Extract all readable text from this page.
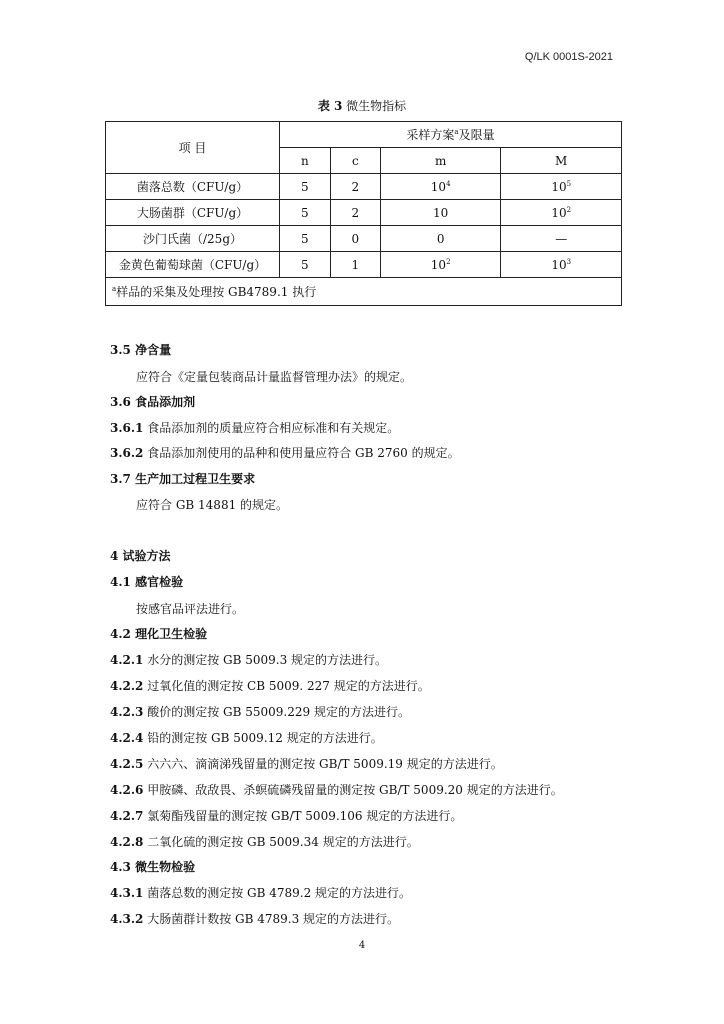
Q/LK 0001S-2021
表 3 微生物指标
项 目	采样方案$^a$及限量			
	n	c	m	M
菌落总数（CFU/g）	5	2	$10^4$	$10^5$
大肠菌群（CFU/g）	5	2	10	$10^2$
沙门氏菌（/25g）	5	0	0	—
金黄色葡萄球菌（CFU/g）	5	1	$10^2$	$10^3$
$^a$样品的采集及处理按 GB4789.1 执行				
3.5 净含量
应符合《定量包装商品计量监督管理办法》的规定。
3.6 食品添加剂
3.6.1 食品添加剂的质量应符合相应标准和有关规定。
3.6.2 食品添加剂使用的品种和使用量应符合 GB 2760 的规定。
3.7 生产加工过程卫生要求
应符合 GB 14881 的规定。
4 试验方法
4.1 感官检验
按感官品评法进行。
4.2 理化卫生检验
4.2.1 水分的测定按 GB 5009.3 规定的方法进行。
4.2.2 过氧化值的测定按 CB 5009. 227 规定的方法进行。
4.2.3 酸价的测定按 GB 55009.229 规定的方法进行。
4.2.4 铅的测定按 GB 5009.12 规定的方法进行。
4.2.5 六六六、滴滴涕残留量的测定按 GB/T 5009.19 规定的方法进行。
4.2.6 甲胺磷、敌敌畏、杀螟硫磷残留量的测定按 GB/T 5009.20 规定的方法进行。
4.2.7 氯菊酯残留量的测定按 GB/T 5009.106 规定的方法进行。
4.2.8 二氧化硫的测定按 GB 5009.34 规定的方法进行。
4.3 微生物检验
4.3.1 菌落总数的测定按 GB 4789.2 规定的方法进行。
4.3.2 大肠菌群计数按 GB 4789.3 规定的方法进行。
4
